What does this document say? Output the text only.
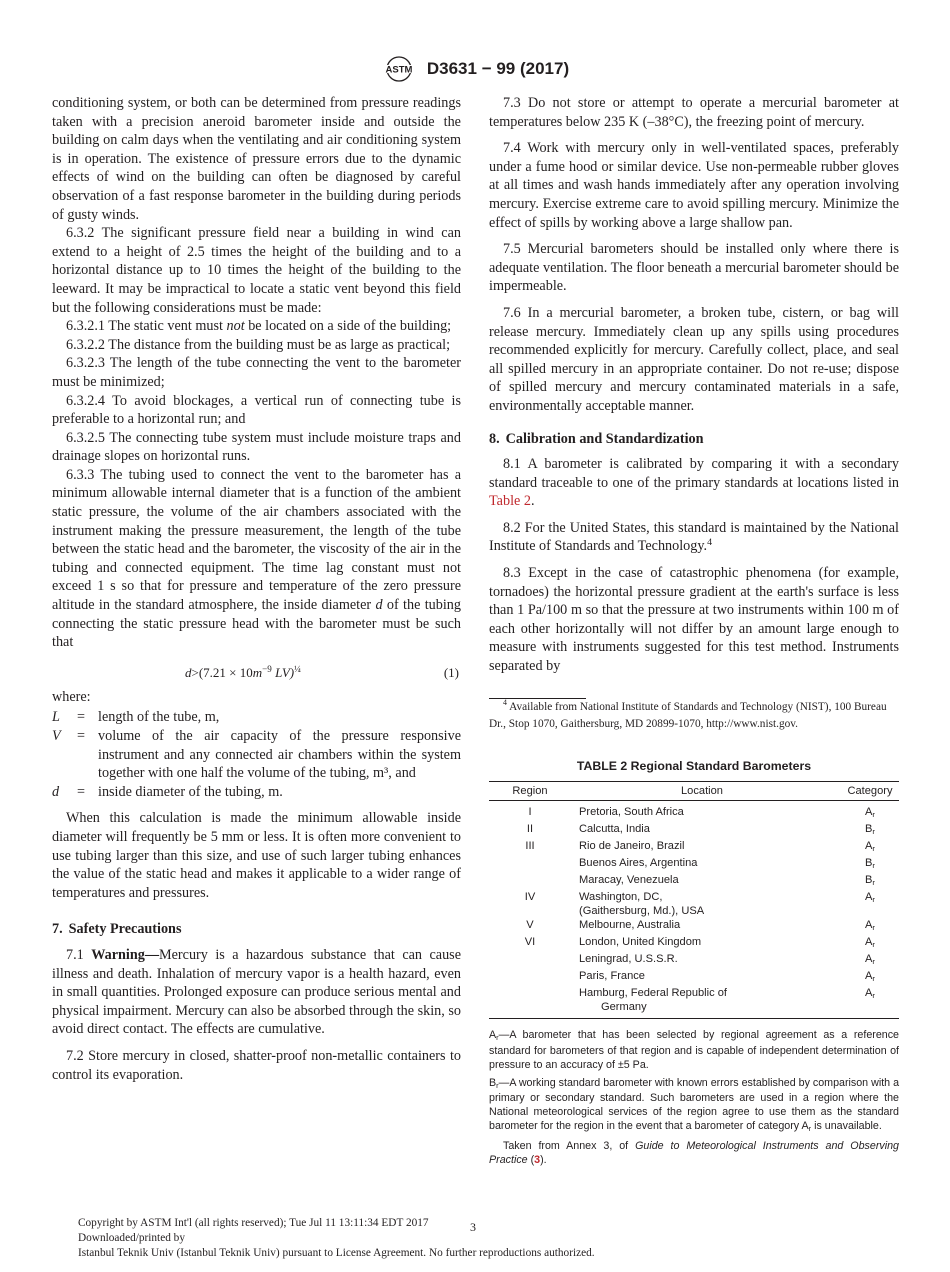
ASTM D3631 − 99 (2017)

conditioning system, or both can be determined from pressure readings taken with a precision aneroid barometer inside and outside the building on calm days when the ventilating and air conditioning system is in operation. The existence of pressure errors due to the dynamic effects of wind on the building can often be diagnosed by careful observation of a fast response barometer in the building during periods of gusty winds.

6.3.2 The significant pressure field near a building in wind can extend to a height of 2.5 times the height of the building and to a horizontal distance up to 10 times the height of the building to the leeward. It may be impractical to locate a static vent beyond this field but the following considerations must be made:

6.3.2.1 The static vent must not be located on a side of the building;

6.3.2.2 The distance from the building must be as large as practical;

6.3.2.3 The length of the tube connecting the vent to the barometer must be minimized;

6.3.2.4 To avoid blockages, a vertical run of connecting tube is preferable to a horizontal run; and

6.3.2.5 The connecting tube system must include moisture traps and drainage slopes on horizontal runs.

6.3.3 The tubing used to connect the vent to the barometer has a minimum allowable internal diameter that is a function of the ambient static pressure, the volume of the air chambers associated with the instrument making the pressure measurement, the length of the tube between the static head and the barometer, the viscosity of the air in the tubing and connected equipment. The time lag constant must not exceed 1 s so that for pressure and temperature of the zero pressure altitude in the standard atmosphere, the inside diameter d of the tubing connecting the static pressure head with the barometer must be such that

$d>(7.21 \times 10m^{-9}$ LV)$^{\frac{1}{4}}$	(1)

where:

L	= length of the tube, m,
V	= volume of the air capacity of the pressure responsive instrument and any connected air chambers within the system together with one half the volume of the tubing, m³, and
d	= inside diameter of the tubing, m.

When this calculation is made the minimum allowable inside diameter will frequently be 5 mm or less. It is often more convenient to use tubing larger than this size, and use of such larger tubing enhances the value of the static head and makes it applicable to a wider range of temperatures and pressures.

7. Safety Precautions

7.1 Warning—Mercury is a hazardous substance that can cause illness and death. Inhalation of mercury vapor is a health hazard, even in small quantities. Prolonged exposure can produce serious mental and physical impairment. Mercury can also be absorbed through the skin, so avoid direct contact. The effects are cumulative.

7.2 Store mercury in closed, shatter-proof non-metallic containers to control its evaporation.

7.3 Do not store or attempt to operate a mercurial barometer at temperatures below 235 K (–38°C), the freezing point of mercury.

7.4 Work with mercury only in well-ventilated spaces, preferably under a fume hood or similar device. Use non-permeable rubber gloves at all times and wash hands immediately after any operation involving mercury. Exercise extreme care to avoid spilling mercury. Minimize the effect of spills by working above a large shallow pan.

7.5 Mercurial barometers should be installed only where there is adequate ventilation. The floor beneath a mercurial barometer should be impermeable.

7.6 In a mercurial barometer, a broken tube, cistern, or bag will release mercury. Immediately clean up any spills using procedures recommended explicitly for mercury. Carefully collect, place, and seal all spilled mercury in an appropriate container. Do not re-use; dispose of spilled mercury and mercury contaminated materials in a safe, environmentally acceptable manner.

8. Calibration and Standardization

8.1 A barometer is calibrated by comparing it with a secondary standard traceable to one of the primary standards at locations listed in Table 2.

8.2 For the United States, this standard is maintained by the National Institute of Standards and Technology.$^4$

8.3 Except in the case of catastrophic phenomena (for example, tornadoes) the horizontal pressure gradient at the earth's surface is less than 1 Pa/100 m so that the pressure at two instruments within 100 m of each other horizontally will not differ by an amount large enough to measure with instruments suggested for this test method. Instruments separated by

$^4$ Available from National Institute of Standards and Technology (NIST), 100 Bureau Dr., Stop 1070, Gaithersburg, MD 20899-1070, http://www.nist.gov.

TABLE 2 Regional Standard Barometers
Region	Location	Category
I	Pretoria, South Africa	$A_r$
II	Calcutta, India	$B_r$
III	Rio de Janeiro, Brazil	$A_r$
	Buenos Aires, Argentina	$B_r$
	Maracay, Venezuela	$B_r$
IV	Washington, DC,
(Gaithersburg, Md.), USA	$A_r$
V	Melbourne, Australia	$A_r$
VI	London, United Kingdom	$A_r$
	Leningrad, U.S.S.R.	$A_r$
	Paris, France	$A_r$
	Hamburg, Federal Republic of
Germany	$A_r$

$A_r—A$ barometer that has been selected by regional agreement as a reference standard for barometers of that region and is capable of independent determination of pressure to an accuracy of ±5 Pa.

$B_r—A$ working standard barometer with known errors established by comparison with a primary or secondary standard. Such barometers are used in a region where the National meteorological services of the region agree to use them as the standard barometer for the region in the event that a barometer of category $A_r$ is unavailable.

Taken from Annex 3, of Guide to Meteorological Instruments and Observing Practice (3).

Copyright by ASTM Int'l (all rights reserved); Tue Jul 11 13:11:34 EDT 2017
Downloaded/printed by
Istanbul Teknik Univ (Istanbul Teknik Univ) pursuant to License Agreement. No further reproductions authorized.
3
